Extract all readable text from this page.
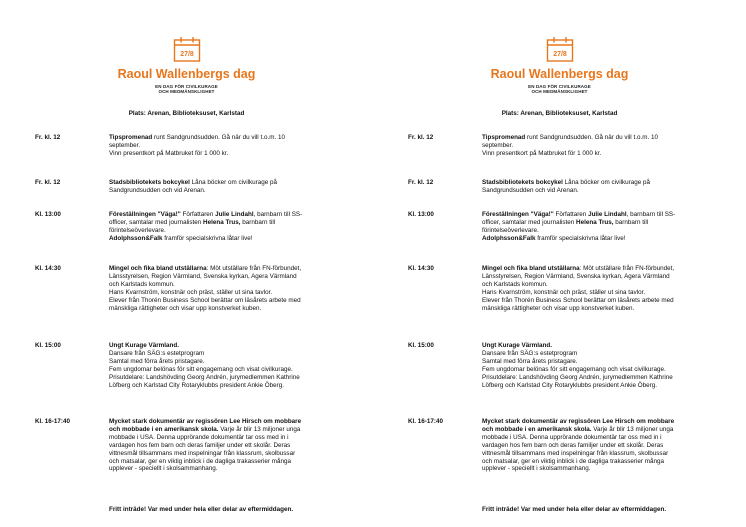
27/8
Raoul Wallenbergs dag
EN DAG FÖR CIVILKURAGE
OCH MEDMÄNSKLIGHET
Plats: Arenan, Biblioteksuset, Karlstad
Fr. kl. 12	Tipspromenad runt Sandgrundsudden. Gå när du vill t.o.m. 10
september.
Vinn presentkort på Matbruket för 1 000 kr.
Fr. kl. 12	Stadsbibliotekets bokcykel Låna böcker om civilkurage på
Sandgrundsudden och vid Arenan.
Kl. 13:00	Föreställningen "Väga!" Författaren Julie Lindahl, barnbarn till SS-
officer, samtalar med journalisten Helena Trus, barnbarn till
förintelseöverlevare.
Adolphsson&Falk framför specialskrivna låtar live!
Kl. 14:30	Mingel och fika bland utställarna: Möt utställare från FN-förbundet,
Länsstyrelsen, Region Värmland, Svenska kyrkan, Agera Värmland
och Karlstads kommun.
Hans Kvarnström, konstnär och präst, ställer ut sina tavlor.
Elever från Thorén Business School berättar om läsårets arbete med
mänskliga rättigheter och visar upp konstverket kuben.
Kl. 15:00	Ungt Kurage Värmland.
Dansare från SÄG:s estetprogram
Samtal med förra årets pristagare.
Fem ungdomar belönas för sitt engagemang och visat civilkurage.
Prisutdelare: Landshövding Georg Andrén, jurymedlemmen Kathrine
Löfberg och Karlstad City Rotaryklubbs president Ankie Öberg.
Kl. 16-17:40	Mycket stark dokumentär av regissören Lee Hirsch om mobbare
och mobbade i en amerikansk skola. Varje år blir 13 miljoner unga
mobbade i USA. Denna upprörande dokumentär tar oss med in i
vardagen hos fem barn och deras familjer under ett skolår. Deras
vittnesmål tillsammans med inspelningar från klassrum, skolbussar
och matsalar, ger en viktig inblick i de dagliga trakasserier många
upplever - speciellt i skolsammanhang.
Fritt inträde! Var med under hela eller delar av eftermiddagen.
27/8
Raoul Wallenbergs dag
EN DAG FÖR CIVILKURAGE
OCH MEDMÄNSKLIGHET
Plats: Arenan, Biblioteksuset, Karlstad
Fr. kl. 12	Tipspromenad runt Sandgrundsudden. Gå när du vill t.o.m. 10
september.
Vinn presentkort på Matbruket för 1 000 kr.
Fr. kl. 12	Stadsbibliotekets bokcykel Låna böcker om civilkurage på
Sandgrundsudden och vid Arenan.
Kl. 13:00	Föreställningen "Väga!" Författaren Julie Lindahl, barnbarn till SS-
officer, samtalar med journalisten Helena Trus, barnbarn till
förintelseöverlevare.
Adolphsson&Falk framför specialskrivna låtar live!
Kl. 14:30	Mingel och fika bland utställarna: Möt utställare från FN-förbundet,
Länsstyrelsen, Region Värmland, Svenska kyrkan, Agera Värmland
och Karlstads kommun.
Hans Kvarnström, konstnär och präst, ställer ut sina tavlor.
Elever från Thorén Business School berättar om läsårets arbete med
mänskliga rättigheter och visar upp konstverket kuben.
Kl. 15:00	Ungt Kurage Värmland.
Dansare från SÄG:s estetprogram
Samtal med förra årets pristagare.
Fem ungdomar belönas för sitt engagemang och visat civilkurage.
Prisutdelare: Landshövding Georg Andrén, jurymedlemmen Kathrine
Löfberg och Karlstad City Rotaryklubbs president Ankie Öberg.
Kl. 16-17:40	Mycket stark dokumentär av regissören Lee Hirsch om mobbare
och mobbade i en amerikansk skola. Varje år blir 13 miljoner unga
mobbade i USA. Denna upprörande dokumentär tar oss med in i
vardagen hos fem barn och deras familjer under ett skolår. Deras
vittnesmål tillsammans med inspelningar från klassrum, skolbussar
och matsalar, ger en viktig inblick i de dagliga trakasserier många
upplever - speciellt i skolsammanhang.
Fritt inträde! Var med under hela eller delar av eftermiddagen.
